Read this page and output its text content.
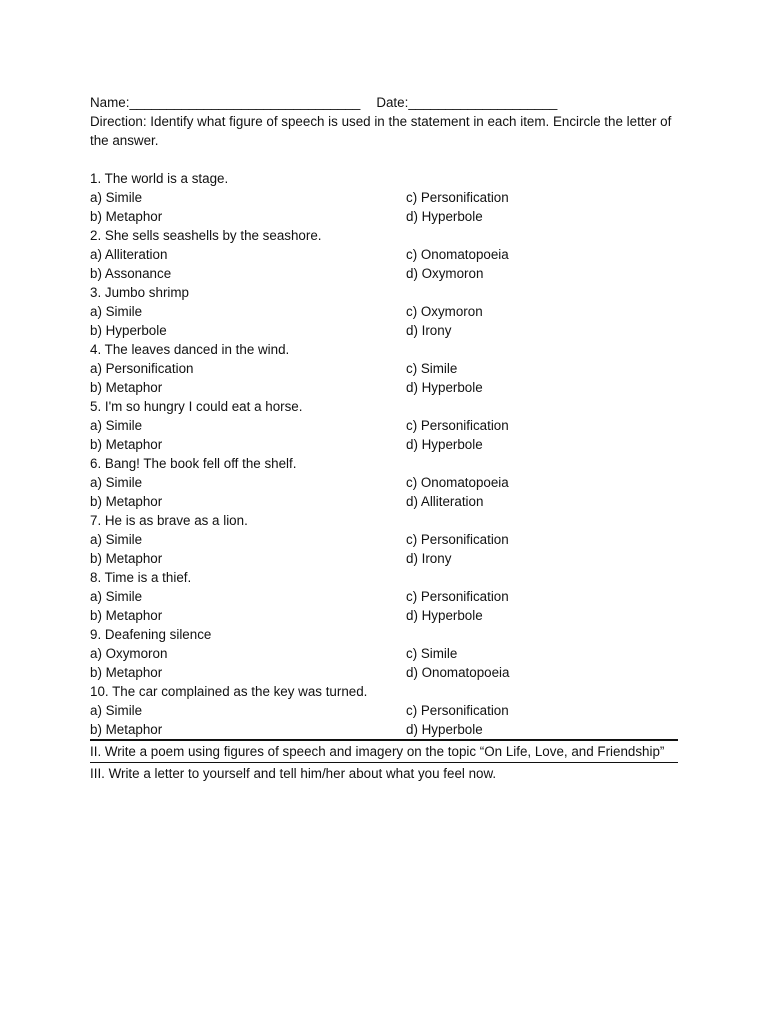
Name:_______________________________ Date:____________________
Direction: Identify what figure of speech is used in the statement in each item. Encircle the letter of the answer.
1. The world is a stage.
a) Simile	c) Personification
b) Metaphor	d) Hyperbole
2. She sells seashells by the seashore.
a) Alliteration	c) Onomatopoeia
b) Assonance	d) Oxymoron
3. Jumbo shrimp
a) Simile	c) Oxymoron
b) Hyperbole	d) Irony
4. The leaves danced in the wind.
a) Personification	c) Simile
b) Metaphor	d) Hyperbole
5. I'm so hungry I could eat a horse.
a) Simile	c) Personification
b) Metaphor	d) Hyperbole
6. Bang! The book fell off the shelf.
a) Simile	c) Onomatopoeia
b) Metaphor	d) Alliteration
7. He is as brave as a lion.
a) Simile	c) Personification
b) Metaphor	d) Irony
8. Time is a thief.
a) Simile	c) Personification
b) Metaphor	d) Hyperbole
9. Deafening silence
a) Oxymoron	c) Simile
b) Metaphor	d) Onomatopoeia
10. The car complained as the key was turned.
a) Simile	c) Personification
b) Metaphor	d) Hyperbole
II. Write a poem using figures of speech and imagery on the topic “On Life, Love, and Friendship”
III. Write a letter to yourself and tell him/her about what you feel now.
